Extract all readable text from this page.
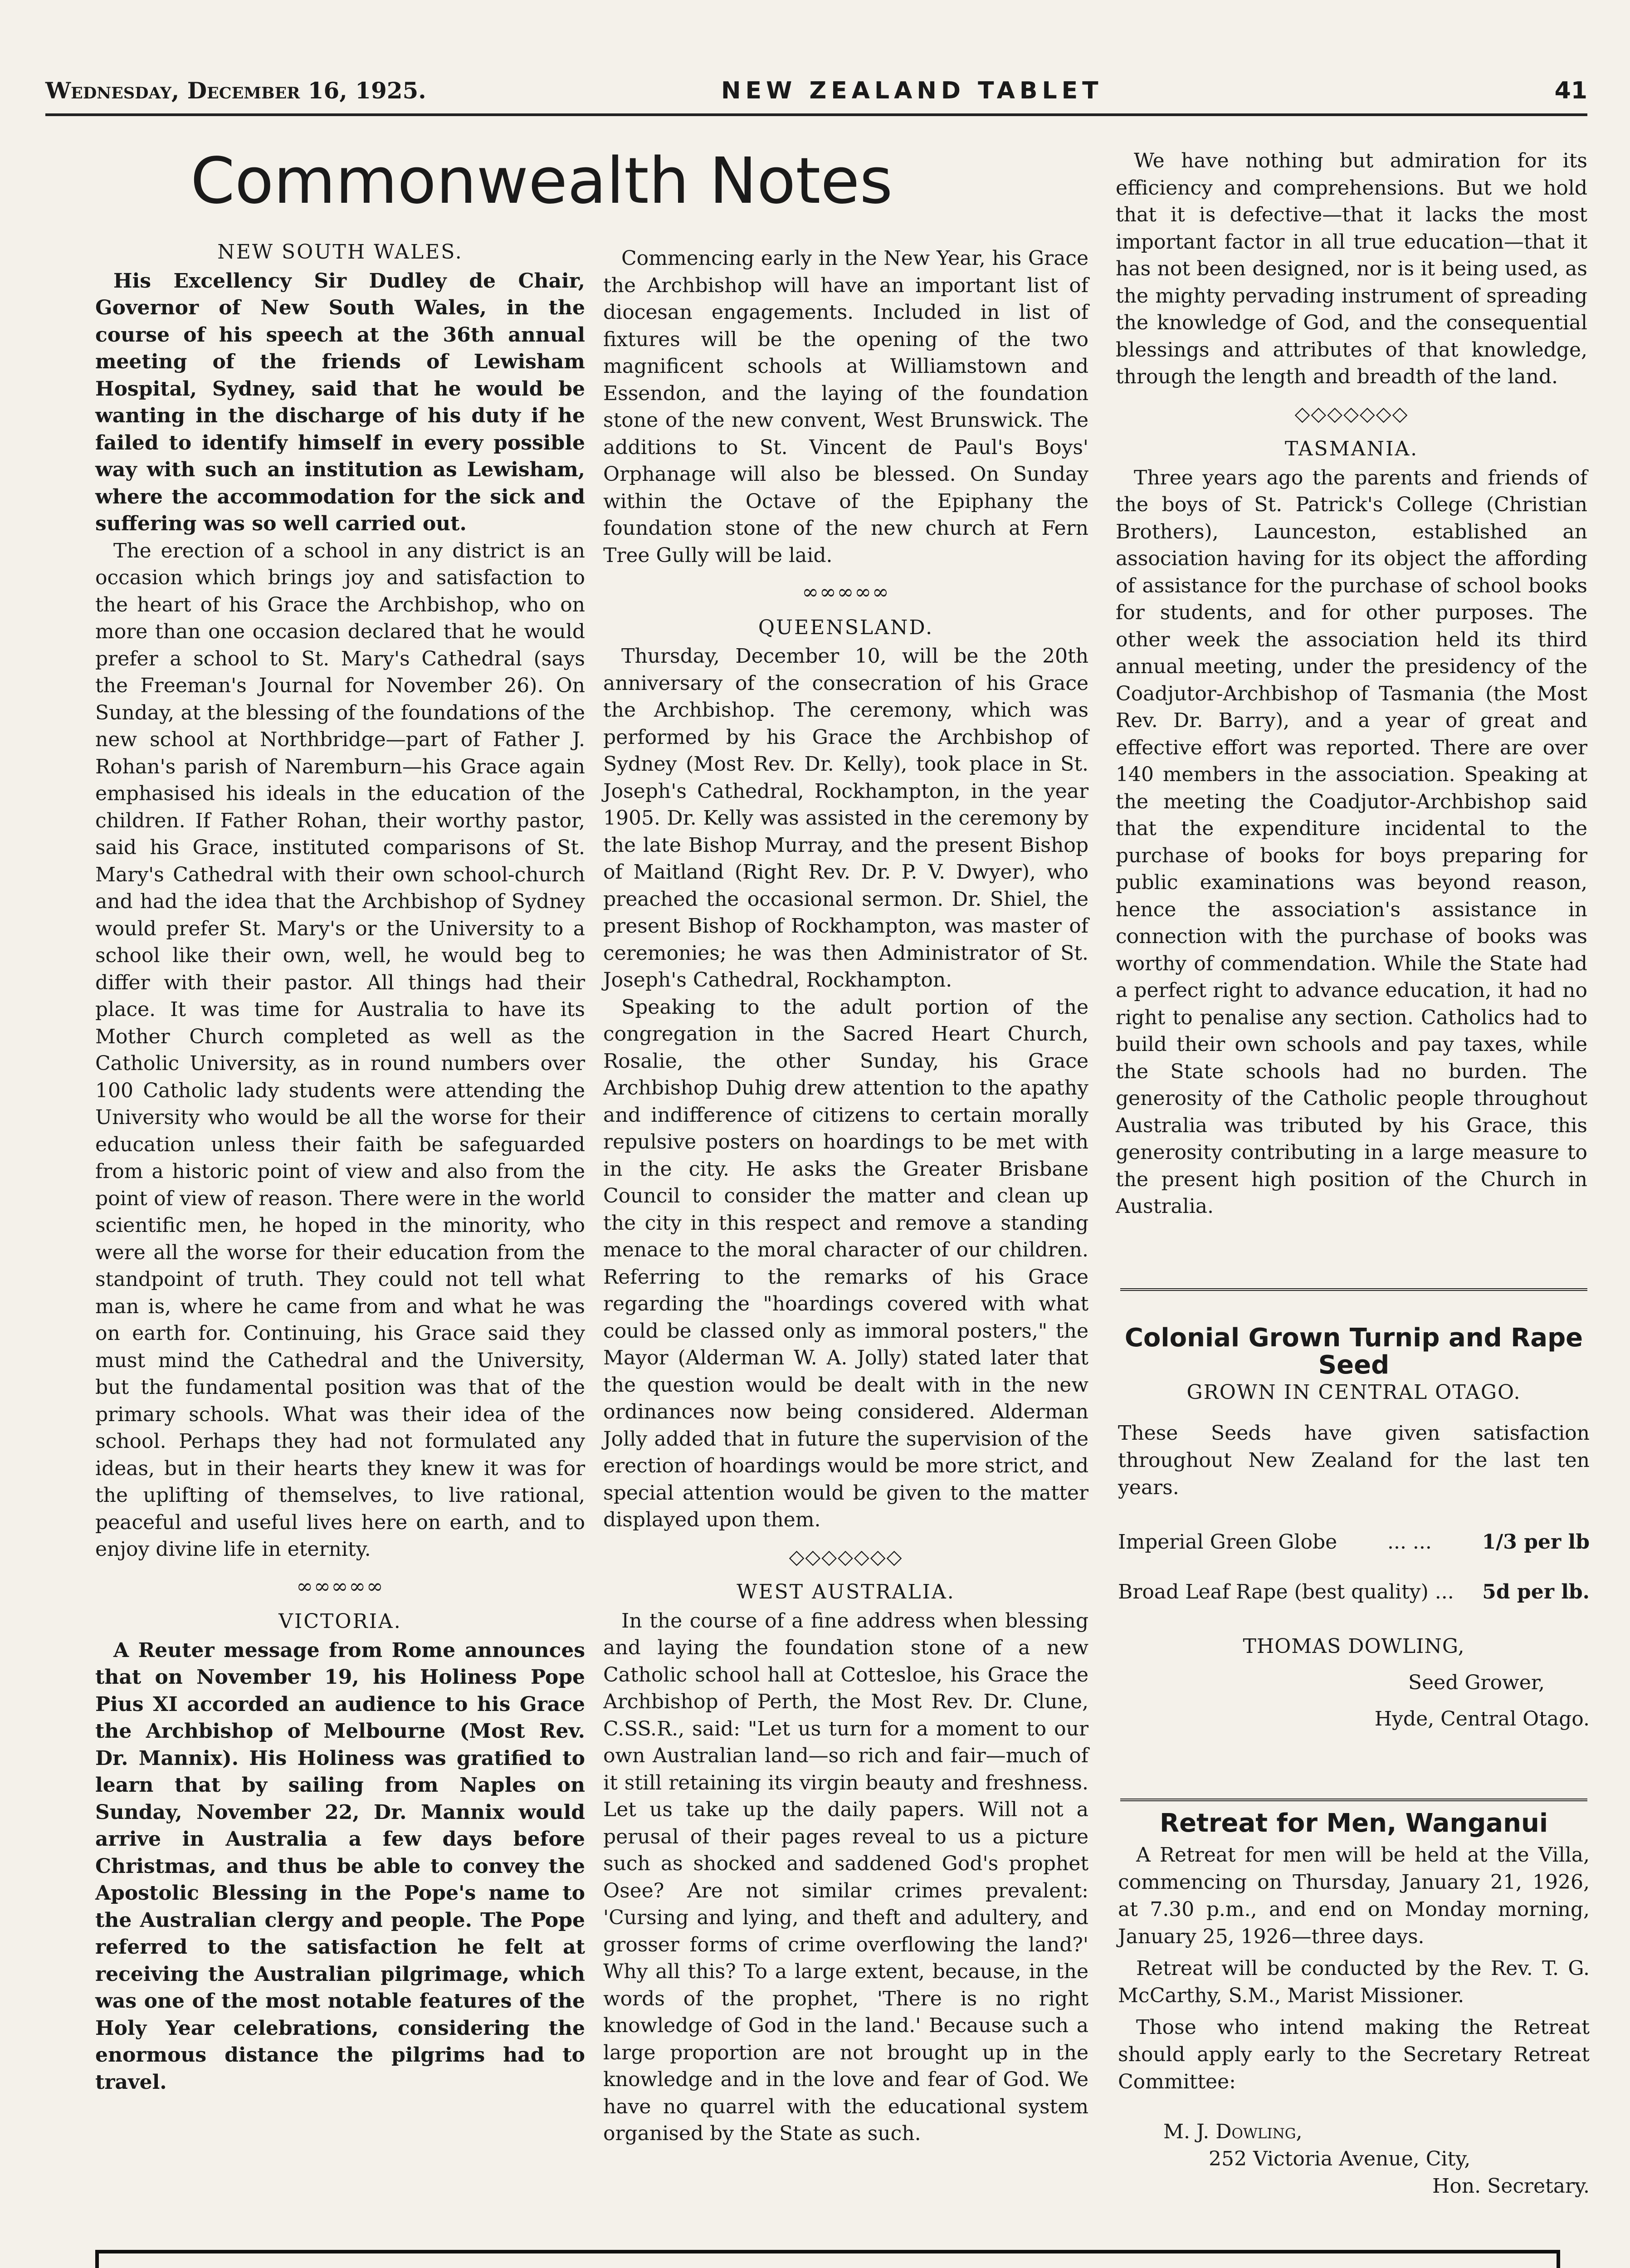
Wednesday, December 16, 1925.	NEW ZEALAND TABLET	41
Commonwealth Notes
NEW SOUTH WALES.

His Excellency Sir Dudley de Chair, Governor of New South Wales, in the course of his speech at the 36th annual meeting of the friends of Lewisham Hospital, Sydney, said that he would be wanting in the discharge of his duty if he failed to identify himself in every possible way with such an institution as Lewisham, where the accommodation for the sick and suffering was so well carried out.

The erection of a school in any district is an occasion which brings joy and satisfaction to the heart of his Grace the Archbishop, who on more than one occasion declared that he would prefer a school to St. Mary's Cathedral (says the Freeman's Journal for November 26). On Sunday, at the blessing of the foundations of the new school at Northbridge—part of Father J. Rohan's parish of Naremburn—his Grace again emphasised his ideals in the education of the children. If Father Rohan, their worthy pastor, said his Grace, instituted comparisons of St. Mary's Cathedral with their own school-church and had the idea that the Archbishop of Sydney would prefer St. Mary's or the University to a school like their own, well, he would beg to differ with their pastor. All things had their place. It was time for Australia to have its Mother Church completed as well as the Catholic University, as in round numbers over 100 Catholic lady students were attending the University who would be all the worse for their education unless their faith be safeguarded from a historic point of view and also from the point of view of reason. There were in the world scientific men, he hoped in the minority, who were all the worse for their education from the standpoint of truth. They could not tell what man is, where he came from and what he was on earth for. Continuing, his Grace said they must mind the Cathedral and the University, but the fundamental position was that of the primary schools. What was their idea of the school. Perhaps they had not formulated any ideas, but in their hearts they knew it was for the uplifting of themselves, to live rational, peaceful and useful lives here on earth, and to enjoy divine life in eternity.

∞∞∞∞∞
VICTORIA.

A Reuter message from Rome announces that on November 19, his Holiness Pope Pius XI accorded an audience to his Grace the Archbishop of Melbourne (Most Rev. Dr. Mannix). His Holiness was gratified to learn that by sailing from Naples on Sunday, November 22, Dr. Mannix would arrive in Australia a few days before Christmas, and thus be able to convey the Apostolic Blessing in the Pope's name to the Australian clergy and people. The Pope referred to the satisfaction he felt at receiving the Australian pilgrimage, which was one of the most notable features of the Holy Year celebrations, considering the enormous distance the pilgrims had to travel.

Commencing early in the New Year, his Grace the Archbishop will have an important list of diocesan engagements. Included in list of fixtures will be the opening of the two magnificent schools at Williamstown and Essendon, and the laying of the foundation stone of the new convent, West Brunswick. The additions to St. Vincent de Paul's Boys' Orphanage will also be blessed. On Sunday within the Octave of the Epiphany the foundation stone of the new church at Fern Tree Gully will be laid.

∞∞∞∞∞
QUEENSLAND.

Thursday, December 10, will be the 20th anniversary of the consecration of his Grace the Archbishop. The ceremony, which was performed by his Grace the Archbishop of Sydney (Most Rev. Dr. Kelly), took place in St. Joseph's Cathedral, Rockhampton, in the year 1905. Dr. Kelly was assisted in the ceremony by the late Bishop Murray, and the present Bishop of Maitland (Right Rev. Dr. P. V. Dwyer), who preached the occasional sermon. Dr. Shiel, the present Bishop of Rockhampton, was master of ceremonies; he was then Administrator of St. Joseph's Cathedral, Rockhampton.

Speaking to the adult portion of the congregation in the Sacred Heart Church, Rosalie, the other Sunday, his Grace Archbishop Duhig drew attention to the apathy and indifference of citizens to certain morally repulsive posters on hoardings to be met with in the city. He asks the Greater Brisbane Council to consider the matter and clean up the city in this respect and remove a standing menace to the moral character of our children. Referring to the remarks of his Grace regarding the "hoardings covered with what could be classed only as immoral posters," the Mayor (Alderman W. A. Jolly) stated later that the question would be dealt with in the new ordinances now being considered. Alderman Jolly added that in future the supervision of the erection of hoardings would be more strict, and special attention would be given to the matter displayed upon them.

◇◇◇◇◇◇◇
WEST AUSTRALIA.

In the course of a fine address when blessing and laying the foundation stone of a new Catholic school hall at Cottesloe, his Grace the Archbishop of Perth, the Most Rev. Dr. Clune, C.SS.R., said: "Let us turn for a moment to our own Australian land—so rich and fair—much of it still retaining its virgin beauty and freshness. Let us take up the daily papers. Will not a perusal of their pages reveal to us a picture such as shocked and saddened God's prophet Osee? Are not similar crimes prevalent: 'Cursing and lying, and theft and adultery, and grosser forms of crime overflowing the land?' Why all this? To a large extent, because, in the words of the prophet, 'There is no right knowledge of God in the land.' Because such a large proportion are not brought up in the knowledge and in the love and fear of God. We have no quarrel with the educational system organised by the State as such.

We have nothing but admiration for its efficiency and comprehensions. But we hold that it is defective—that it lacks the most important factor in all true education—that it has not been designed, nor is it being used, as the mighty pervading instrument of spreading the knowledge of God, and the consequential blessings and attributes of that knowledge, through the length and breadth of the land.

◇◇◇◇◇◇◇
TASMANIA.

Three years ago the parents and friends of the boys of St. Patrick's College (Christian Brothers), Launceston, established an association having for its object the affording of assistance for the purchase of school books for students, and for other purposes. The other week the association held its third annual meeting, under the presidency of the Coadjutor-Archbishop of Tasmania (the Most Rev. Dr. Barry), and a year of great and effective effort was reported. There are over 140 members in the association. Speaking at the meeting the Coadjutor-Archbishop said that the expenditure incidental to the purchase of books for boys preparing for public examinations was beyond reason, hence the association's assistance in connection with the purchase of books was worthy of commendation. While the State had a perfect right to advance education, it had no right to penalise any section. Catholics had to build their own schools and pay taxes, while the State schools had no burden. The generosity of the Catholic people throughout Australia was tributed by his Grace, this generosity contributing in a large measure to the present high position of the Church in Australia.

Colonial Grown Turnip and Rape Seed
GROWN IN CENTRAL OTAGO.

These Seeds have given satisfaction throughout New Zealand for the last ten years.

Imperial Green Globe	... ...	1/3 per lb
Broad Leaf Rape (best quality) ... 5d per lb.
THOMAS DOWLING,
Seed Grower,
Hyde, Central Otago.
Retreat for Men, Wanganui

A Retreat for men will be held at the Villa, commencing on Thursday, January 21, 1926, at 7.30 p.m., and end on Monday morning, January 25, 1926—three days.

Retreat will be conducted by the Rev. T. G. McCarthy, S.M., Marist Missioner.

Those who intend making the Retreat should apply early to the Secretary Retreat Committee:

M. J. Dowling,
252 Victoria Avenue, City,
Hon. Secretary.
